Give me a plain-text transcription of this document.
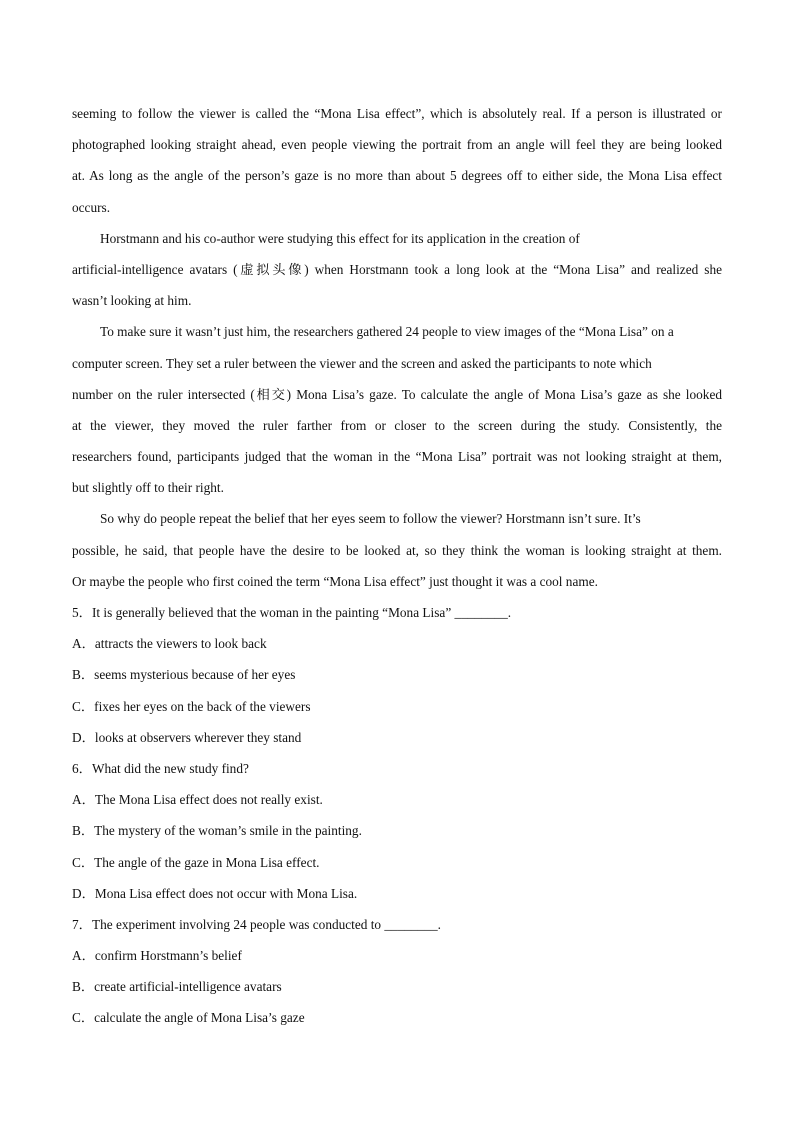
seeming to follow the viewer is called the “Mona Lisa effect”, which is absolutely real. If a person is illustrated or
photographed looking straight ahead, even people viewing the portrait from an angle will feel they are being looked
at. As long as the angle of the person’s gaze is no more than about 5 degrees off to either side, the Mona Lisa effect
occurs.
Horstmann and his co-author were studying this effect for its application in the creation of
artificial-intelligence avatars (虚拟头像) when Horstmann took a long look at the “Mona Lisa” and realized she
wasn’t looking at him.
To make sure it wasn’t just him, the researchers gathered 24 people to view images of the “Mona Lisa” on a
computer screen. They set a ruler between the viewer and the screen and asked the participants to note which
number on the ruler intersected (相交) Mona Lisa’s gaze. To calculate the angle of Mona Lisa’s gaze as she looked
at the viewer, they moved the ruler farther from or closer to the screen during the study. Consistently, the
researchers found, participants judged that the woman in the “Mona Lisa” portrait was not looking straight at them,
but slightly off to their right.
So why do people repeat the belief that her eyes seem to follow the viewer? Horstmann isn’t sure. It’s
possible, he said, that people have the desire to be looked at, so they think the woman is looking straight at them.
Or maybe the people who first coined the term “Mona Lisa effect” just thought it was a cool name.
5．It is generally believed that the woman in the painting “Mona Lisa” ________.
A．attracts the viewers to look back
B．seems mysterious because of her eyes
C．fixes her eyes on the back of the viewers
D．looks at observers wherever they stand
6．What did the new study find?
A．The Mona Lisa effect does not really exist.
B．The mystery of the woman’s smile in the painting.
C．The angle of the gaze in Mona Lisa effect.
D．Mona Lisa effect does not occur with Mona Lisa.
7．The experiment involving 24 people was conducted to ________.
A．confirm Horstmann’s belief
B．create artificial-intelligence avatars
C．calculate the angle of Mona Lisa’s gaze
